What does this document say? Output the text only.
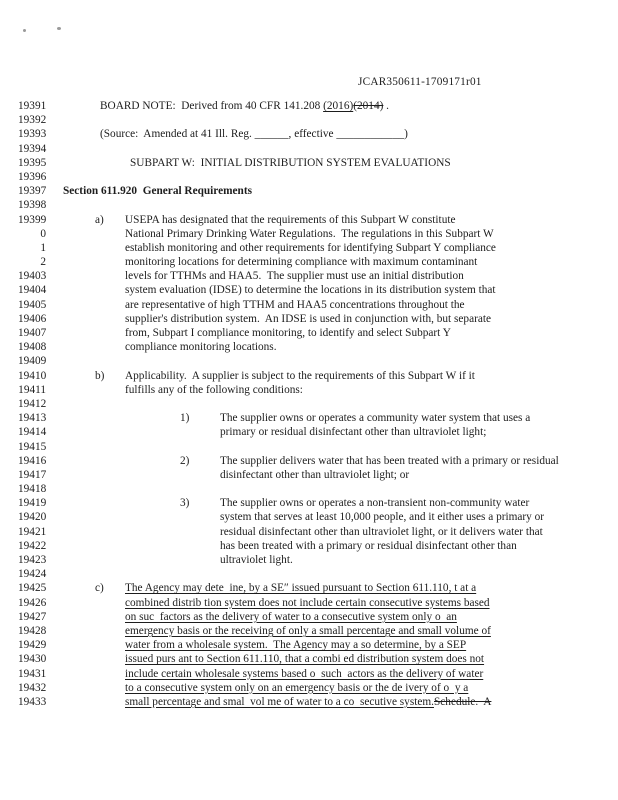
JCAR350611-1709171r01
19391	BOARD NOTE:  Derived from 40 CFR 141.208 (2016) (2014) .
19392
19393	(Source:  Amended at 41 Ill. Reg. ______, effective ____________)
19394
19395	SUBPART W:  INITIAL DISTRIBUTION SYSTEM EVALUATIONS
19396
19397 Section 611.920  General Requirements
19398
19399	a)	USEPA has designated that the requirements of this Subpart W constitute
0	National Primary Drinking Water Regulations.  The regulations in this Subpart W
1	establish monitoring and other requirements for identifying Subpart Y compliance
2	monitoring locations for determining compliance with maximum contaminant
19403	levels for TTHMs and HAA5.  The supplier must use an initial distribution
19404	system evaluation (IDSE) to determine the locations in its distribution system that
19405	are representative of high TTHM and HAA5 concentrations throughout the
19406	supplier's distribution system.  An IDSE is used in conjunction with, but separate
19407	from, Subpart I compliance monitoring, to identify and select Subpart Y
19408	compliance monitoring locations.
19409
19410	b)	Applicability.  A supplier is subject to the requirements of this Subpart W if it
19411	fulfills any of the following conditions:
19412
19413	1)	The supplier owns or operates a community water system that uses a
19414	primary or residual disinfectant other than ultraviolet light;
19415
19416	2)	The supplier delivers water that has been treated with a primary or residual
19417	disinfectant other than ultraviolet light; or
19418
19419	3)	The supplier owns or operates a non-transient non-community water
19420	system that serves at least 10,000 people, and it either uses a primary or
19421	residual disinfectant other than ultraviolet light, or it delivers water that
19422	has been treated with a primary or residual disinfectant other than
19423	ultraviolet light.
19424
19425	c)	The Agency may dete  ine, by a SE″ issued pursuant to Section 611.110, t at a
19426	combined distrib tion system does not include certain consecutive systems based
19427	on suc  factors as the delivery of water to a consecutive system only o  an
19428	emergency basis or the receiving of only a small percentage and small volume of
19429	water from a wholesale system.  The Agency may a so determine, by a SEP
19430	issued purs ant to Section 611.110, that a combi ed distribution system does not
19431	include certain wholesale systems based o  such  actors as the delivery of water
19432	to a consecutive system only on an emergency basis or the de ivery of o  y a
19433	small percentage and smal  vol me of water to a co  secutive system. Schedule.  A
